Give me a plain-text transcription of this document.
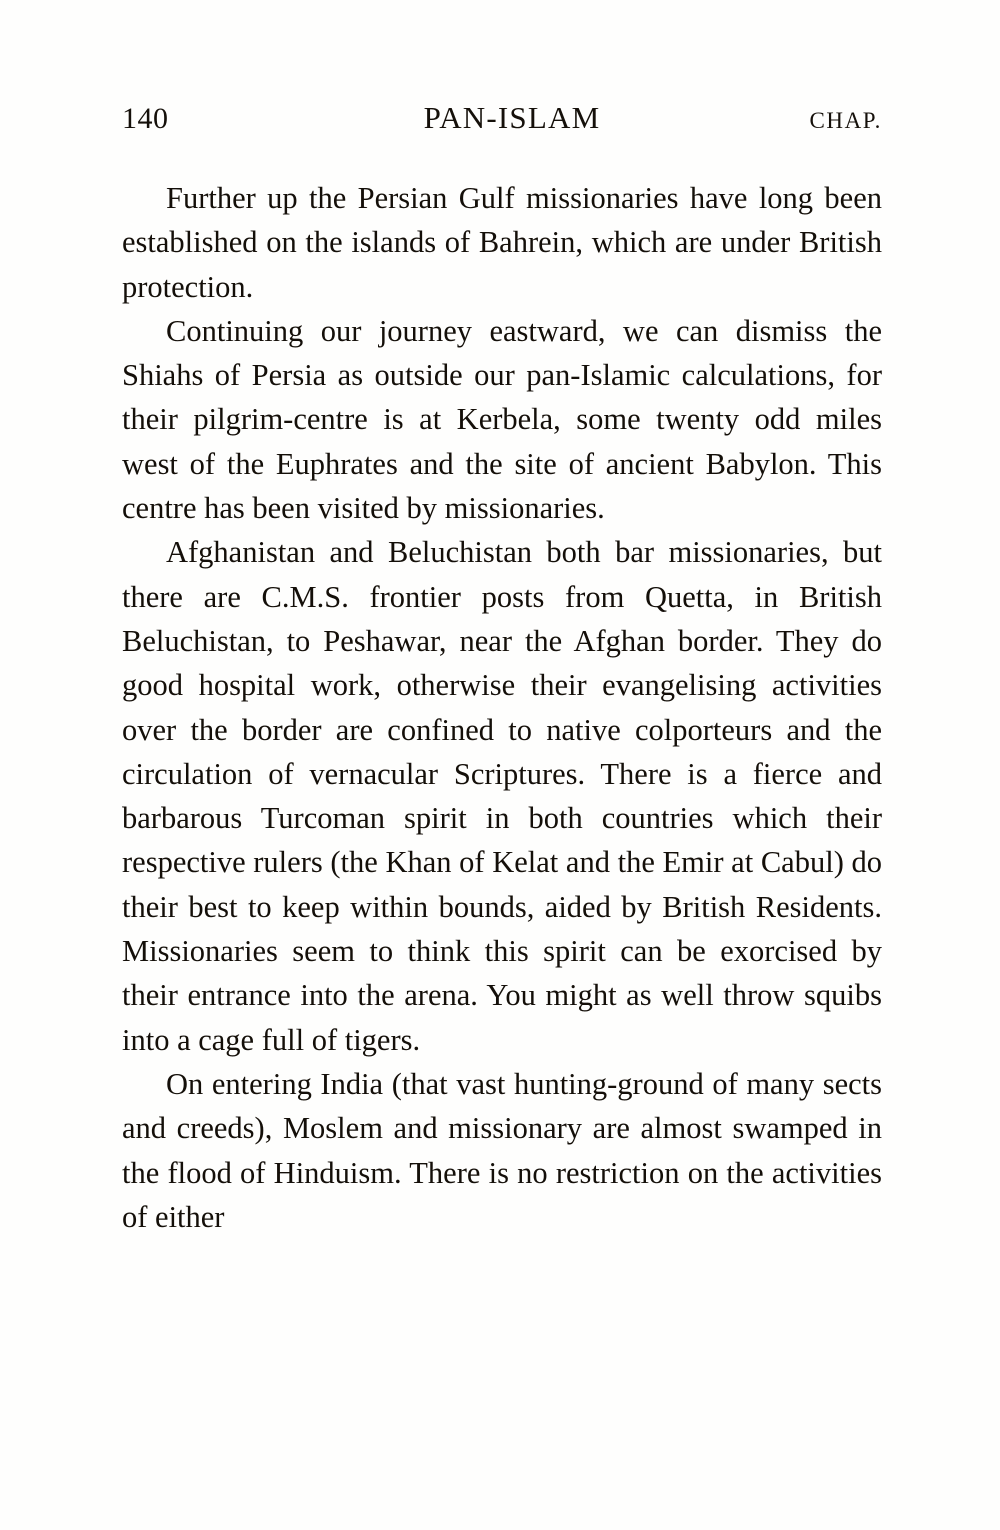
140	PAN-ISLAM	CHAP.

Further up the Persian Gulf missionaries have long been established on the islands of Bahrein, which are under British protection.

Continuing our journey eastward, we can dismiss the Shiahs of Persia as outside our pan-Islamic calculations, for their pilgrim-centre is at Kerbela, some twenty odd miles west of the Euphrates and the site of ancient Babylon. This centre has been visited by missionaries.

Afghanistan and Beluchistan both bar missionaries, but there are C.M.S. frontier posts from Quetta, in British Beluchistan, to Peshawar, near the Afghan border. They do good hospital work, otherwise their evangelising activities over the border are confined to native colporteurs and the circulation of vernacular Scriptures. There is a fierce and barbarous Turcoman spirit in both countries which their respective rulers (the Khan of Kelat and the Emir at Cabul) do their best to keep within bounds, aided by British Residents. Missionaries seem to think this spirit can be exorcised by their entrance into the arena. You might as well throw squibs into a cage full of tigers.

On entering India (that vast hunting-ground of many sects and creeds), Moslem and missionary are almost swamped in the flood of Hinduism. There is no restriction on the activities of either
